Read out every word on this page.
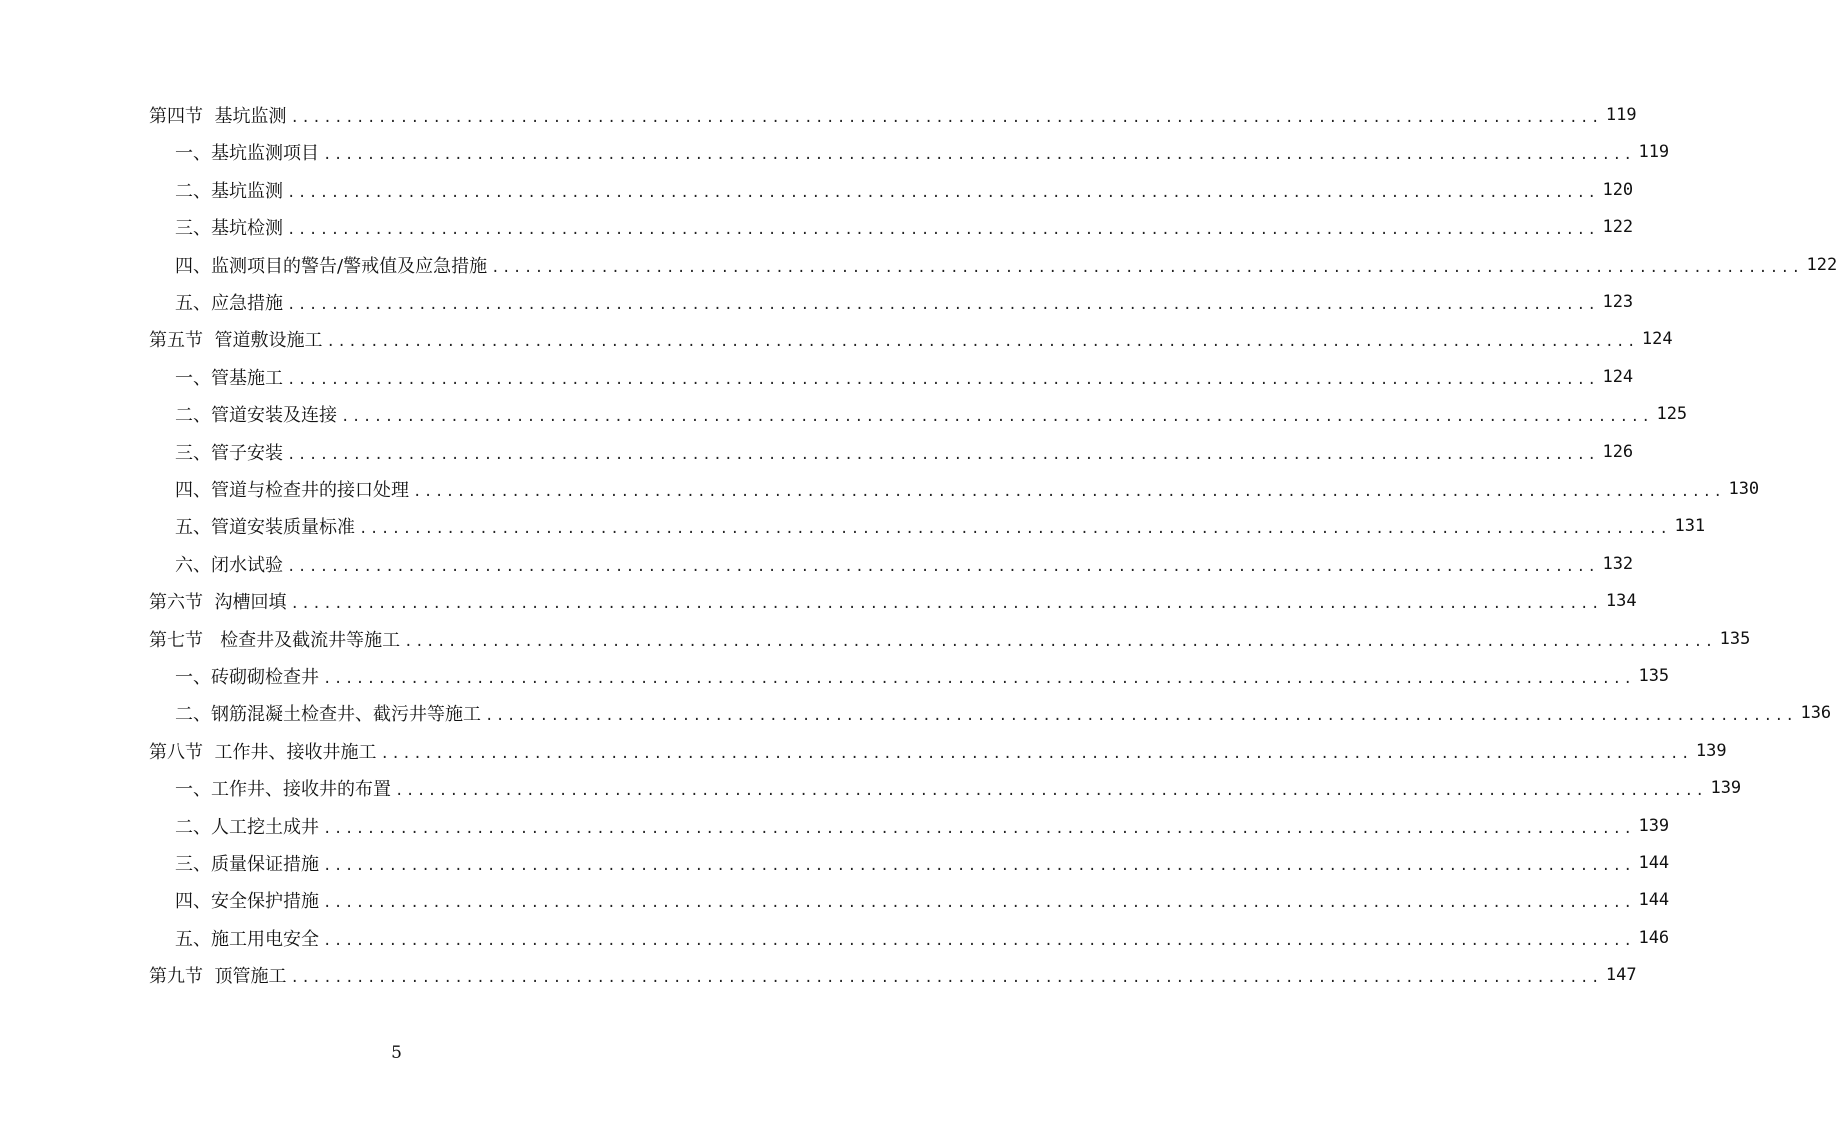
第四节  基坑监测 ........................................................................................................................ 119
一、基坑监测项目 ........................................................................................................................ 119
二、基坑监测 ........................................................................................................................ 120
三、基坑检测 ........................................................................................................................ 122
四、监测项目的警告/警戒值及应急措施 ........................................................................................................................ 122
五、应急措施 ........................................................................................................................ 123
第五节  管道敷设施工 ........................................................................................................................ 124
一、管基施工 ........................................................................................................................ 124
二、管道安装及连接 ........................................................................................................................ 125
三、管子安装 ........................................................................................................................ 126
四、管道与检查井的接口处理 ........................................................................................................................ 130
五、管道安装质量标准 ........................................................................................................................ 131
六、闭水试验 ........................................................................................................................ 132
第六节  沟槽回填 ........................................................................................................................ 134
第七节   检查井及截流井等施工 ........................................................................................................................ 135
一、砖砌砌检查井 ........................................................................................................................ 135
二、钢筋混凝土检查井、截污井等施工 ........................................................................................................................ 136
第八节  工作井、接收井施工 ........................................................................................................................ 139
一、工作井、接收井的布置 ........................................................................................................................ 139
二、人工挖土成井 ........................................................................................................................ 139
三、质量保证措施 ........................................................................................................................ 144
四、安全保护措施 ........................................................................................................................ 144
五、施工用电安全 ........................................................................................................................ 146
第九节  顶管施工 ........................................................................................................................ 147
5
